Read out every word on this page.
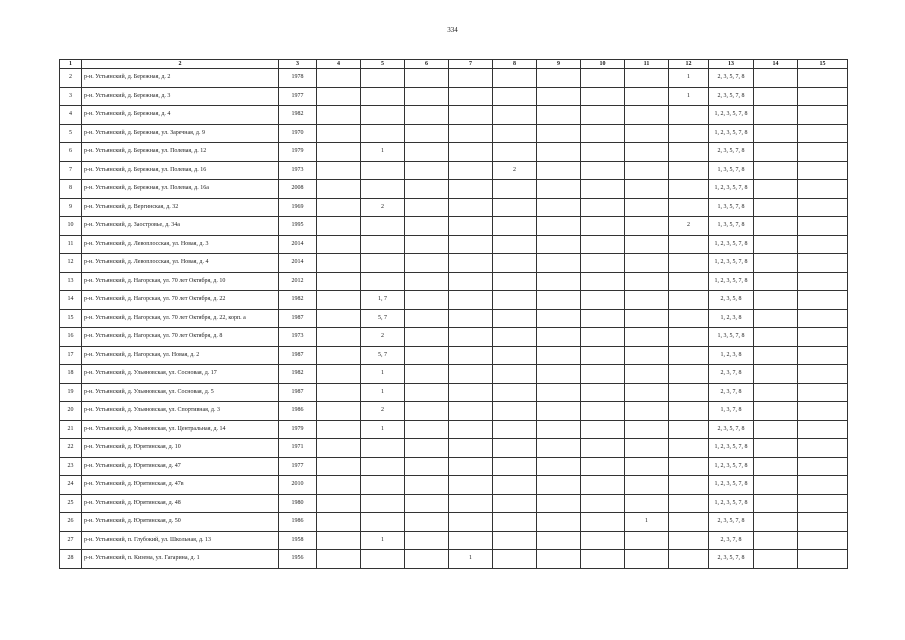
334
1	2	3	4	5	6	7	8	9	10	11	12	13	14	15
2	р-н. Устьянский, д. Бережная, д. 2	1978									1	2, 3, 5, 7, 8		
3	р-н. Устьянский, д. Бережная, д. 3	1977									1	2, 3, 5, 7, 8		
4	р-н. Устьянский, д. Бережная, д. 4	1982										1, 2, 3, 5, 7, 8		
5	р-н. Устьянский, д. Бережная, ул. Заречная, д. 9	1970										1, 2, 3, 5, 7, 8		
6	р-н. Устьянский, д. Бережная, ул. Полевая, д. 12	1979		1								2, 3, 5, 7, 8		
7	р-н. Устьянский, д. Бережная, ул. Полевая, д. 16	1973					2					1, 3, 5, 7, 8		
8	р-н. Устьянский, д. Бережная, ул. Полевая, д. 16а	2008										1, 2, 3, 5, 7, 8		
9	р-н. Устьянский, д. Вергинская, д. 32	1969		2								1, 3, 5, 7, 8		
10	р-н. Устьянский, д. Заостровье, д. 34а	1995									2	1, 3, 5, 7, 8		
11	р-н. Устьянский, д. Левоплосская, ул. Новая, д. 3	2014										1, 2, 3, 5, 7, 8		
12	р-н. Устьянский, д. Левоплосская, ул. Новая, д. 4	2014										1, 2, 3, 5, 7, 8		
13	р-н. Устьянский, д. Нагорская, ул. 70 лет Октября, д. 10	2012										1, 2, 3, 5, 7, 8		
14	р-н. Устьянский, д. Нагорская, ул. 70 лет Октября, д. 22	1982		1, 7								2, 3, 5, 8		
15	р-н. Устьянский, д. Нагорская, ул. 70 лет Октября, д. 22, корп. а	1987		5, 7								1, 2, 3, 8		
16	р-н. Устьянский, д. Нагорская, ул. 70 лет Октября, д. 8	1973		2								1, 3, 5, 7, 8		
17	р-н. Устьянский, д. Нагорская, ул. Новая, д. 2	1987		5, 7								1, 2, 3, 8		
18	р-н. Устьянский, д. Ульяновская, ул. Сосновая, д. 17	1982		1								2, 3, 7, 8		
19	р-н. Устьянский, д. Ульяновская, ул. Сосновая, д. 5	1987		1								2, 3, 7, 8		
20	р-н. Устьянский, д. Ульяновская, ул. Спортивная, д. 3	1986		2								1, 3, 7, 8		
21	р-н. Устьянский, д. Ульяновская, ул. Центральная, д. 14	1979		1								2, 3, 5, 7, 8		
22	р-н. Устьянский, д. Юрятинская, д. 10	1971										1, 2, 3, 5, 7, 8		
23	р-н. Устьянский, д. Юрятинская, д. 47	1977										1, 2, 3, 5, 7, 8		
24	р-н. Устьянский, д. Юрятинская, д. 47в	2010										1, 2, 3, 5, 7, 8		
25	р-н. Устьянский, д. Юрятинская, д. 48	1980										1, 2, 3, 5, 7, 8		
26	р-н. Устьянский, д. Юрятинская, д. 50	1986								1		2, 3, 5, 7, 8		
27	р-н. Устьянский, п. Глубокий, ул. Школьная, д. 13	1958		1								2, 3, 7, 8		
28	р-н. Устьянский, п. Кизема, ул. Гагарина, д. 1	1956				1						2, 3, 5, 7, 8		
